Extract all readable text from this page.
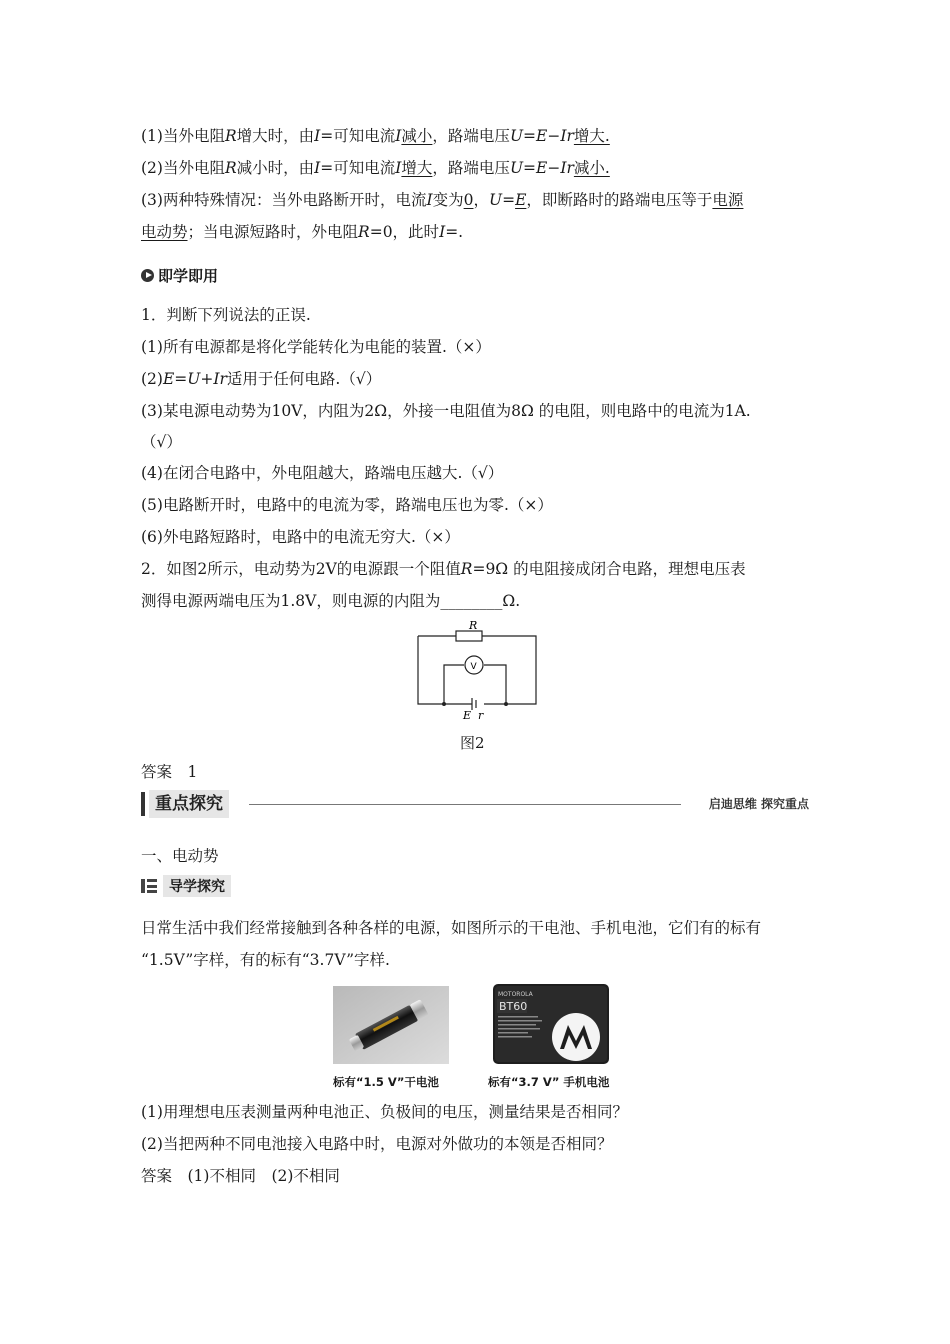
(1)当外电阻R增大时，由I=可知电流I减小，路端电压U=E−Ir增大.
(2)当外电阻R减小时，由I=可知电流I增大，路端电压U=E−Ir减小.
(3)两种特殊情况：当外电路断开时，电流I变为0，U=E，即断路时的路端电压等于电源
电动势；当电源短路时，外电阻R=0，此时I=.
即学即用
1．判断下列说法的正误.
(1)所有电源都是将化学能转化为电能的装置.（×）
(2)E=U+Ir适用于任何电路.（√）
(3)某电源电动势为10V，内阻为2Ω，外接一电阻值为8Ω 的电阻，则电路中的电流为1A.
（√）
(4)在闭合电路中，外电阻越大，路端电压越大.（√）
(5)电路断开时，电路中的电流为零，路端电压也为零.（×）
(6)外电路短路时，电路中的电流无穷大.（×）
2．如图2所示，电动势为2V的电源跟一个阻值R=9Ω 的电阻接成闭合电路，理想电压表
测得电源两端电压为1.8V，则电源的内阻为________Ω.
R
V
E r
图2
答案　1
重点探究	启迪思维 探究重点
一、电动势
导学探究
日常生活中我们经常接触到各种各样的电源，如图所示的干电池、手机电池，它们有的标有
“1.5V”字样，有的标有“3.7V”字样.
标有“1.5 V”干电池
MOTOROLA
BT60
标有“3.7 V” 手机电池
(1)用理想电压表测量两种电池正、负极间的电压，测量结果是否相同？
(2)当把两种不同电池接入电路中时，电源对外做功的本领是否相同？
答案　(1)不相同　(2)不相同
